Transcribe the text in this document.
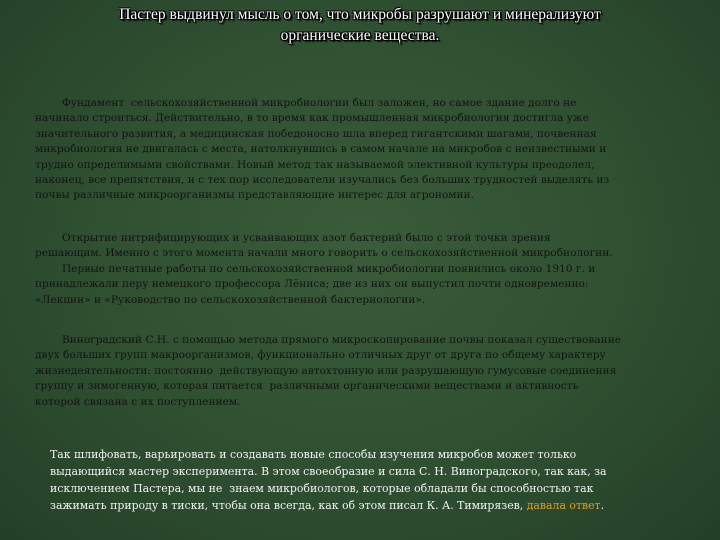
Пастер выдвинул мысль о том, что микробы разрушают и минерализуют
органические вещества.
Фундамент  сельскохозяйственной микробиологии был заложен, но самое здание долго не
начинало строиться. Действительно, в то время как промышленная микробиология достигла уже
значительного развития, а медицинская победоносно шла вперед гигантскими шагами, почвенная
микробиология не двигалась с места, натолкнувшись в самом начале на микробов с неизвестными и
трудно определимыми свойствами. Новый метод так называемой элективной культуры преодолел,
наконец, все препятствия, и с тех пор исследователи изучались без больших трудностей выделять из
почвы различные микроорганизмы представляющие интерес для агрономии.
Открытие нитрифицирующих и усваивающих азот бактерий было с этой точки зрения
решающим. Именно с этого момента начали много говорить о сельскохозяйственной микробиологии.
Первые печатные работы по сельскохозяйственной микробиологии появились около 1910 г. и
принадлежали перу немецкого профессора Лёниса; две из них он выпустил почти одновременно:
«Лекции» и «Руководство по сельскохозяйственной бактериологии».
Виноградский С.Н. с помощью метода прямого микроскопирование почвы показал существование
двух больших групп макроорганизмов, функционально отличных друг от друга по общему характеру
жизнедеятельности: постоянно  действующую автохтонную или разрушающую гумусовые соединения
группу и зимогенную, которая питается  различными органическими веществами и активность
которой связана с их поступлением.
Так шлифовать, варьировать и создавать новые способы изучения микробов может только
выдающийся мастер эксперимента. В этом своеобразие и сила С. Н. Виноградского, так как, за
исключением Пастера, мы не  знаем микробиологов, которые обладали бы способностью так
зажимать природу в тиски, чтобы она всегда, как об этом писал К. А. Тимирязев, давала ответ.
